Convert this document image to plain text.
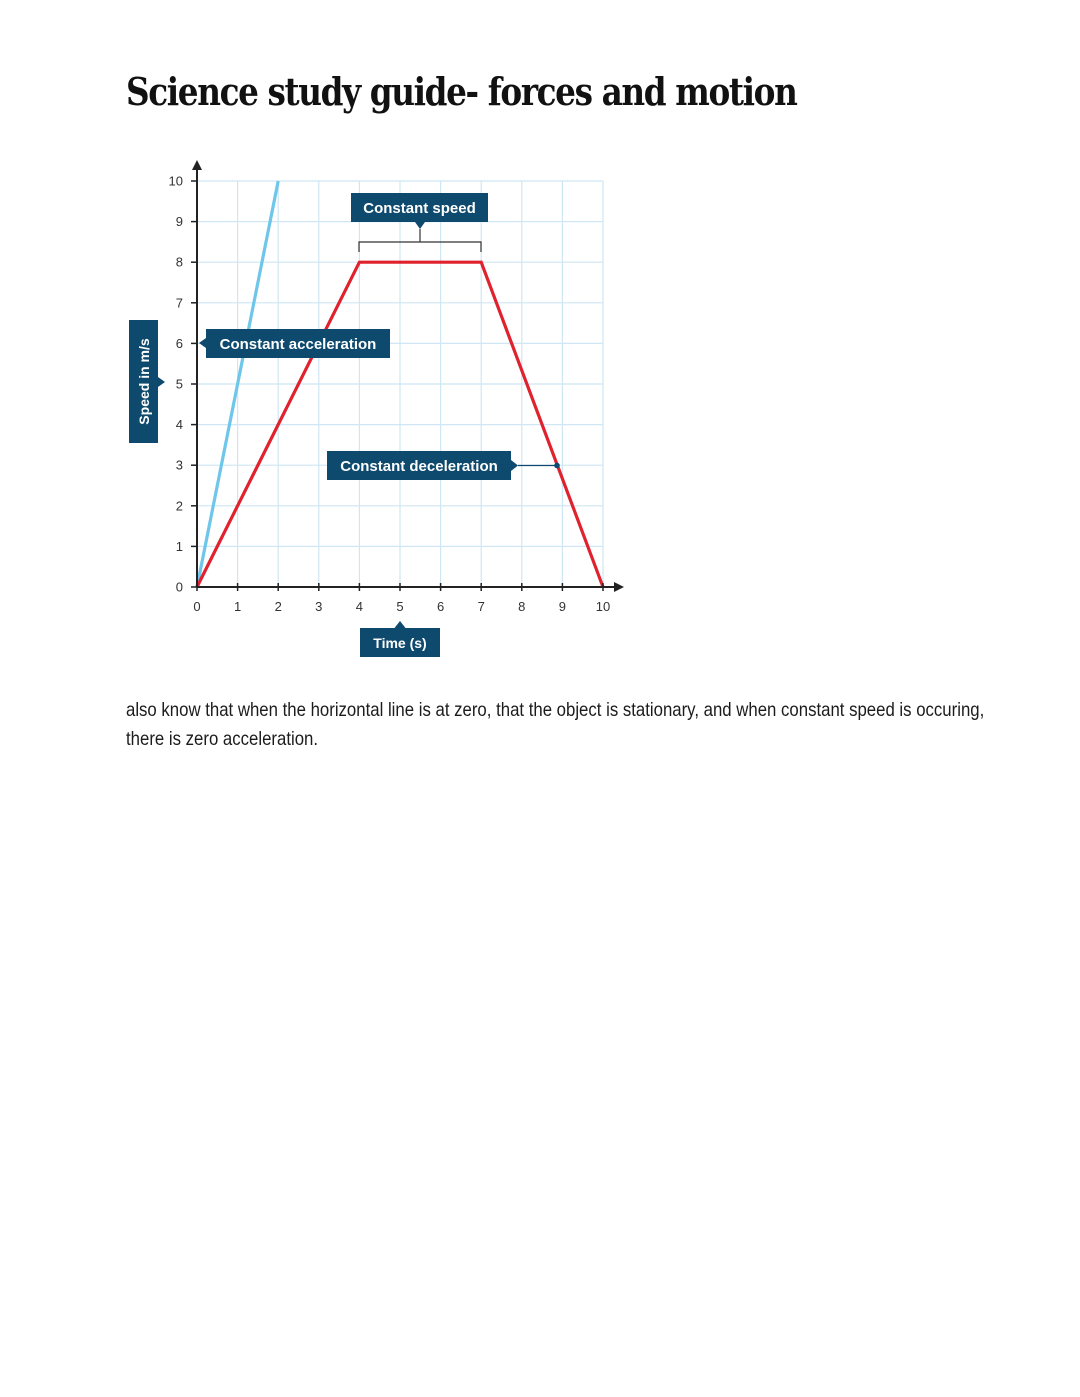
Science study guide- forces and motion
0	1	2	3	4	5	6	7	8	9 10
0
1
2
3
4
5
6
7
8
9
10
Constant speed
Constant acceleration
Constant deceleration
Speed in m/s
Time (s)

also know that when the horizontal line is at zero, that the object is stationary, and when constant speed is occuring, there is zero acceleration.
